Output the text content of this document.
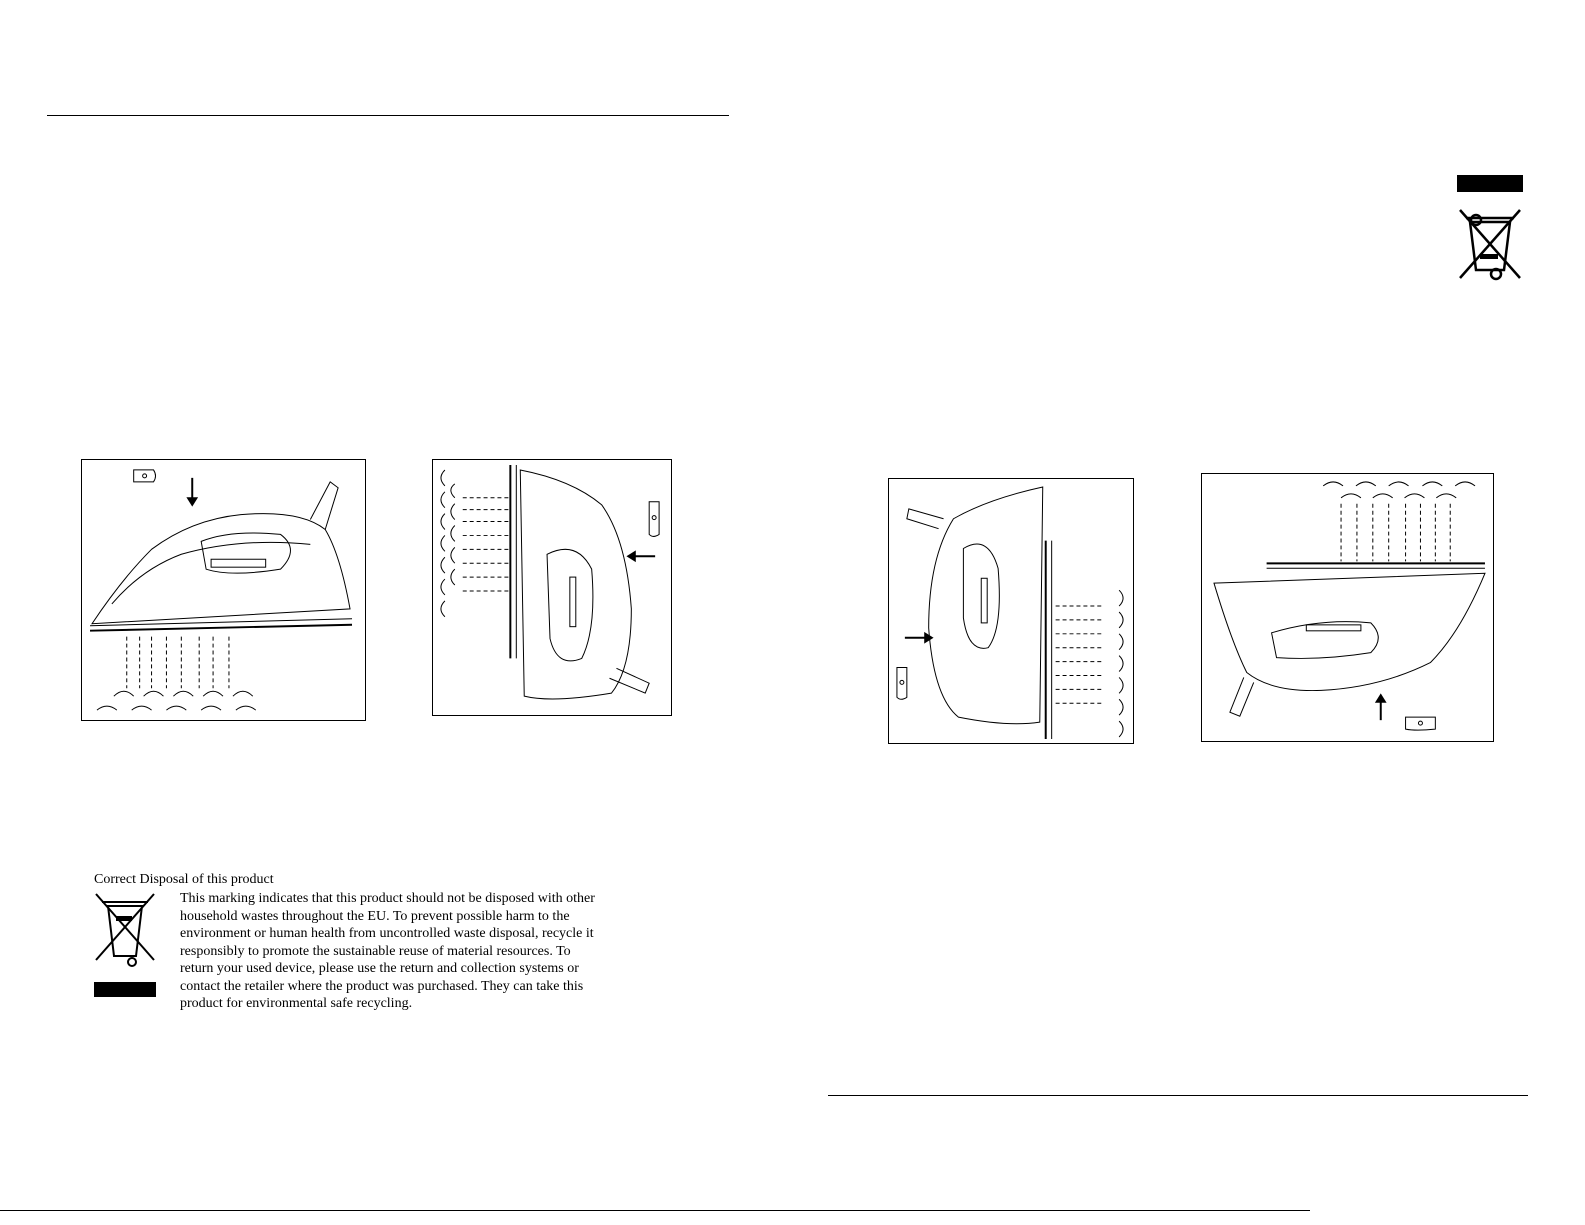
Correct Disposal of this product

This marking indicates that this product should not be disposed with other
household wastes throughout the EU. To prevent possible harm to the
environment or human health from uncontrolled waste disposal, recycle it
responsibly to promote the sustainable reuse of material resources. To
return your used device, please use the return and collection systems or
contact the retailer where the product was purchased. They can take this
product for environmental safe recycling.
